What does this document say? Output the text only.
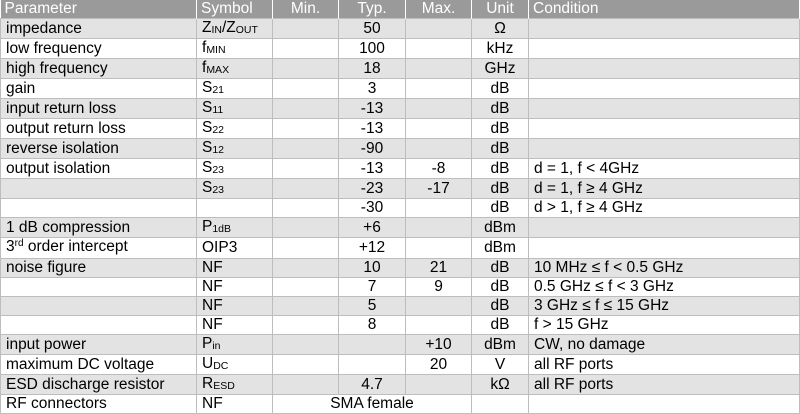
Parameter	Symbol	Min.	Typ.	Max.	Unit	Condition
impedance	$Z_{IN}/Z_{OUT}$		50		Ω	
low frequency	$f_{MIN}$		100		kHz	
high frequency	$f_{MAX}$		18		GHz	
gain	$S_{21}$		3		dB	
input return loss	$S_{11}$		-13		dB	
output return loss	$S_{22}$		-13		dB	
reverse isolation	$S_{12}$		-90		dB	
output isolation	$S_{23}$		-13	-8	dB	d = 1, f < 4GHz
	$S_{23}$		-23	-17	dB	d = 1, f ≥ 4 GHz
			-30		dB	d > 1, f ≥ 4 GHz
1 dB compression	$P_{1dB}$		+6		dBm	
3rd order intercept	OIP3		+12		dBm	
noise figure	NF		10	21	dB	10 MHz ≤ f < 0.5 GHz
	NF		7	9	dB	0.5 GHz ≤ f < 3 GHz
	NF		5		dB	3 GHz ≤ f ≤ 15 GHz
	NF		8		dB	f > 15 GHz
input power	$P_{in}$			+10	dBm	CW, no damage
maximum DC voltage	$U_{DC}$			20	V	all RF ports
ESD discharge resistor	$R_{ESD}$		4.7		kΩ	all RF ports
RF connectors	NF	SMA female				
